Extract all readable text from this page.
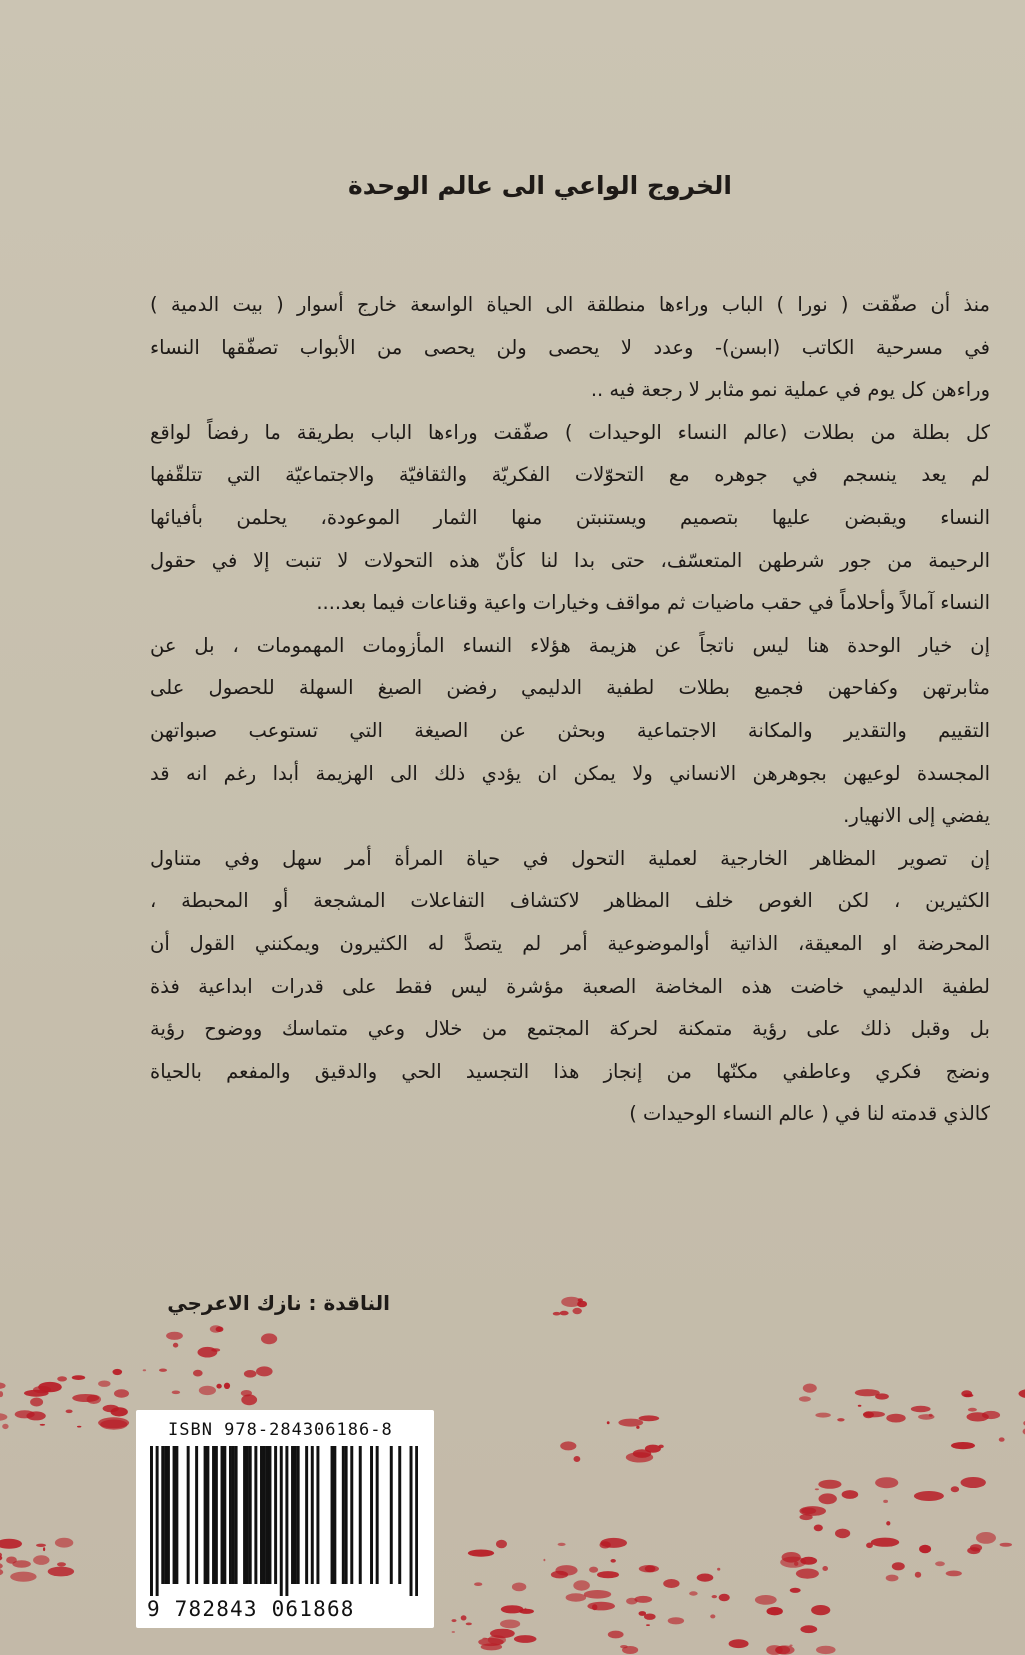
الخروج الواعي الى عالم الوحدة
منذ أن صفّقت ( نورا ) الباب وراءها منطلقة الى الحياة الواسعة خارج أسوار ( بيت الدمية )
في مسرحية الكاتب (ابسن)- وعدد لا يحصى ولن يحصى من الأبواب تصفّقها النساء
وراءهن كل يوم في عملية نمو مثابر لا رجعة فيه ..
كل بطلة من بطلات (عالم النساء الوحيدات ) صفّقت وراءها الباب بطريقة ما رفضاً لواقع
لم يعد ينسجم في جوهره مع التحوّلات الفكريّة والثقافيّة والاجتماعيّة التي تتلقّفها
النساء ويقبضن عليها بتصميم ويستنبتن منها الثمار الموعودة، يحلمن بأفيائها
الرحيمة من جور شرطهن المتعسّف، حتى بدا لنا كأنّ هذه التحولات لا تنبت إلا في حقول
النساء آمالاً وأحلاماً في حقب ماضيات ثم مواقف وخيارات واعية وقناعات فيما بعد....
إن خيار الوحدة هنا ليس ناتجاً عن هزيمة هؤلاء النساء المأزومات المهمومات ، بل عن
مثابرتهن وكفاحهن فجميع بطلات لطفية الدليمي رفضن الصيغ السهلة للحصول على
التقييم والتقدير والمكانة الاجتماعية وبحثن عن الصيغة التي تستوعب صبواتهن
المجسدة لوعيهن بجوهرهن الانساني ولا يمكن ان يؤدي ذلك الى الهزيمة أبدا رغم انه قد
يفضي إلى الانهيار.
إن تصوير المظاهر الخارجية لعملية التحول في حياة المرأة أمر سهل وفي متناول
الكثيرين ، لكن الغوص خلف المظاهر لاكتشاف التفاعلات المشجعة أو المحبطة ،
المحرضة او المعيقة، الذاتية أوالموضوعية أمر لم يتصدَّ له الكثيرون ويمكنني القول أن
لطفية الدليمي خاضت هذه المخاضة الصعبة مؤشرة ليس فقط على قدرات ابداعية فذة
بل وقبل ذلك على رؤية متمكنة لحركة المجتمع من خلال وعي متماسك ووضوح رؤية
ونضج فكري وعاطفي مكنّها من إنجاز هذا التجسيد الحي والدقيق والمفعم بالحياة
كالذي قدمته لنا في ( عالم النساء الوحيدات )
الناقدة : نازك الاعرجي
ISBN 978-284306186-8
9 782843 061868
